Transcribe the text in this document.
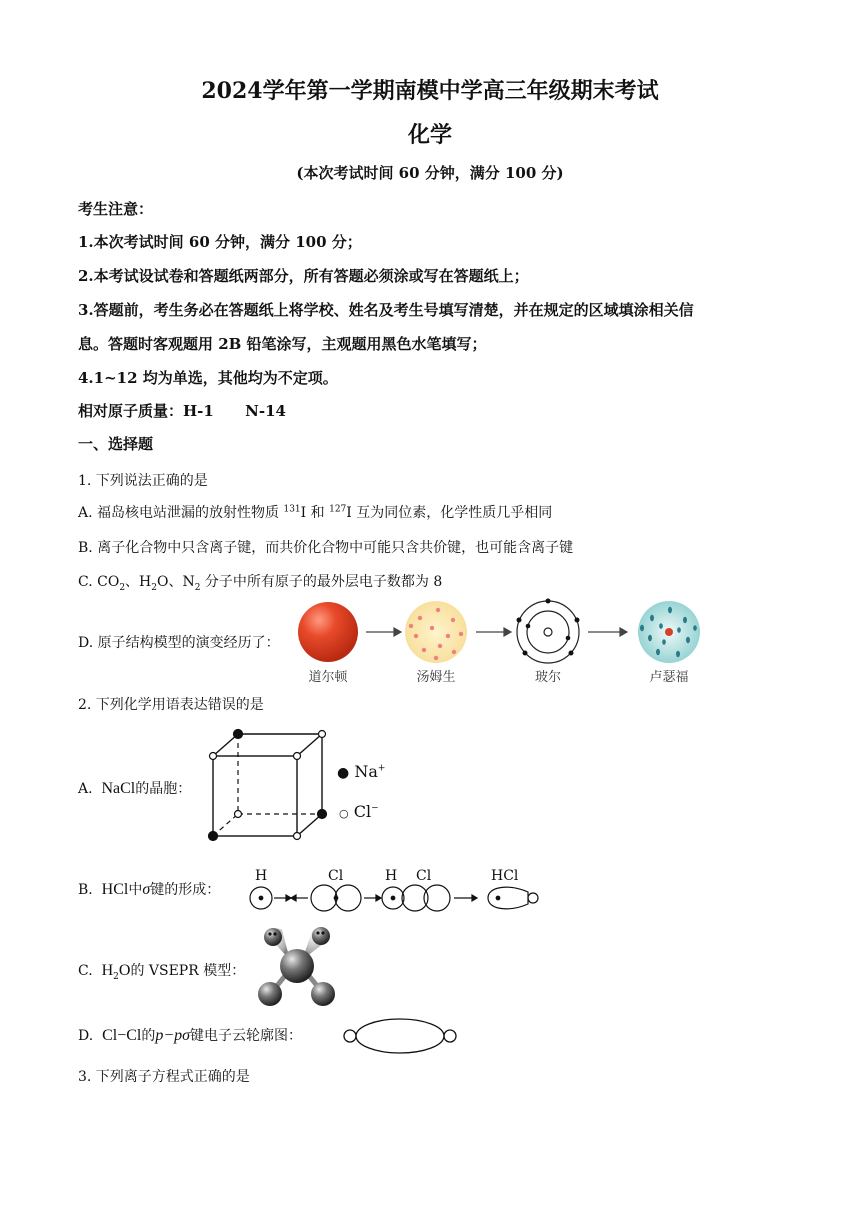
2024学年第一学期南模中学高三年级期末考试
化学
(本次考试时间 60 分钟，满分 100 分)
考生注意：
1.本次考试时间 60 分钟，满分 100 分；
2.本考试设试卷和答题纸两部分，所有答题必须涂或写在答题纸上；
3.答题前，考生务必在答题纸上将学校、姓名及考生号填写清楚，并在规定的区域填涂相关信
息。答题时客观题用 2B 铅笔涂写，主观题用黑色水笔填写；
4.1~12 均为单选，其他均为不定项。
相对原子质量：H-1      N-14
一、选择题
1. 下列说法正确的是
A. 福岛核电站泄漏的放射性物质 $^{131}$I 和 $^{127}$I 互为同位素，化学性质几乎相同
B. 离子化合物中只含离子键，而共价化合物中可能只含共价键，也可能含离子键
C. $CO_2$、$H_2O$、$N_2$ 分子中所有原子的最外层电子数都为 8
D. 原子结构模型的演变经历了：
道尔顿	汤姆生	玻尔	卢瑟福
2. 下列化学用语表达错误的是
A. NaCl的晶胞：
● Na+
○ Cl−
B. HCl中σ键的形成：
H	Cl	H Cl	HCl
C. $H_2O$的 VSEPR 模型：
D. Cl−Cl的p−pσ键电子云轮廓图：
3. 下列离子方程式正确的是
